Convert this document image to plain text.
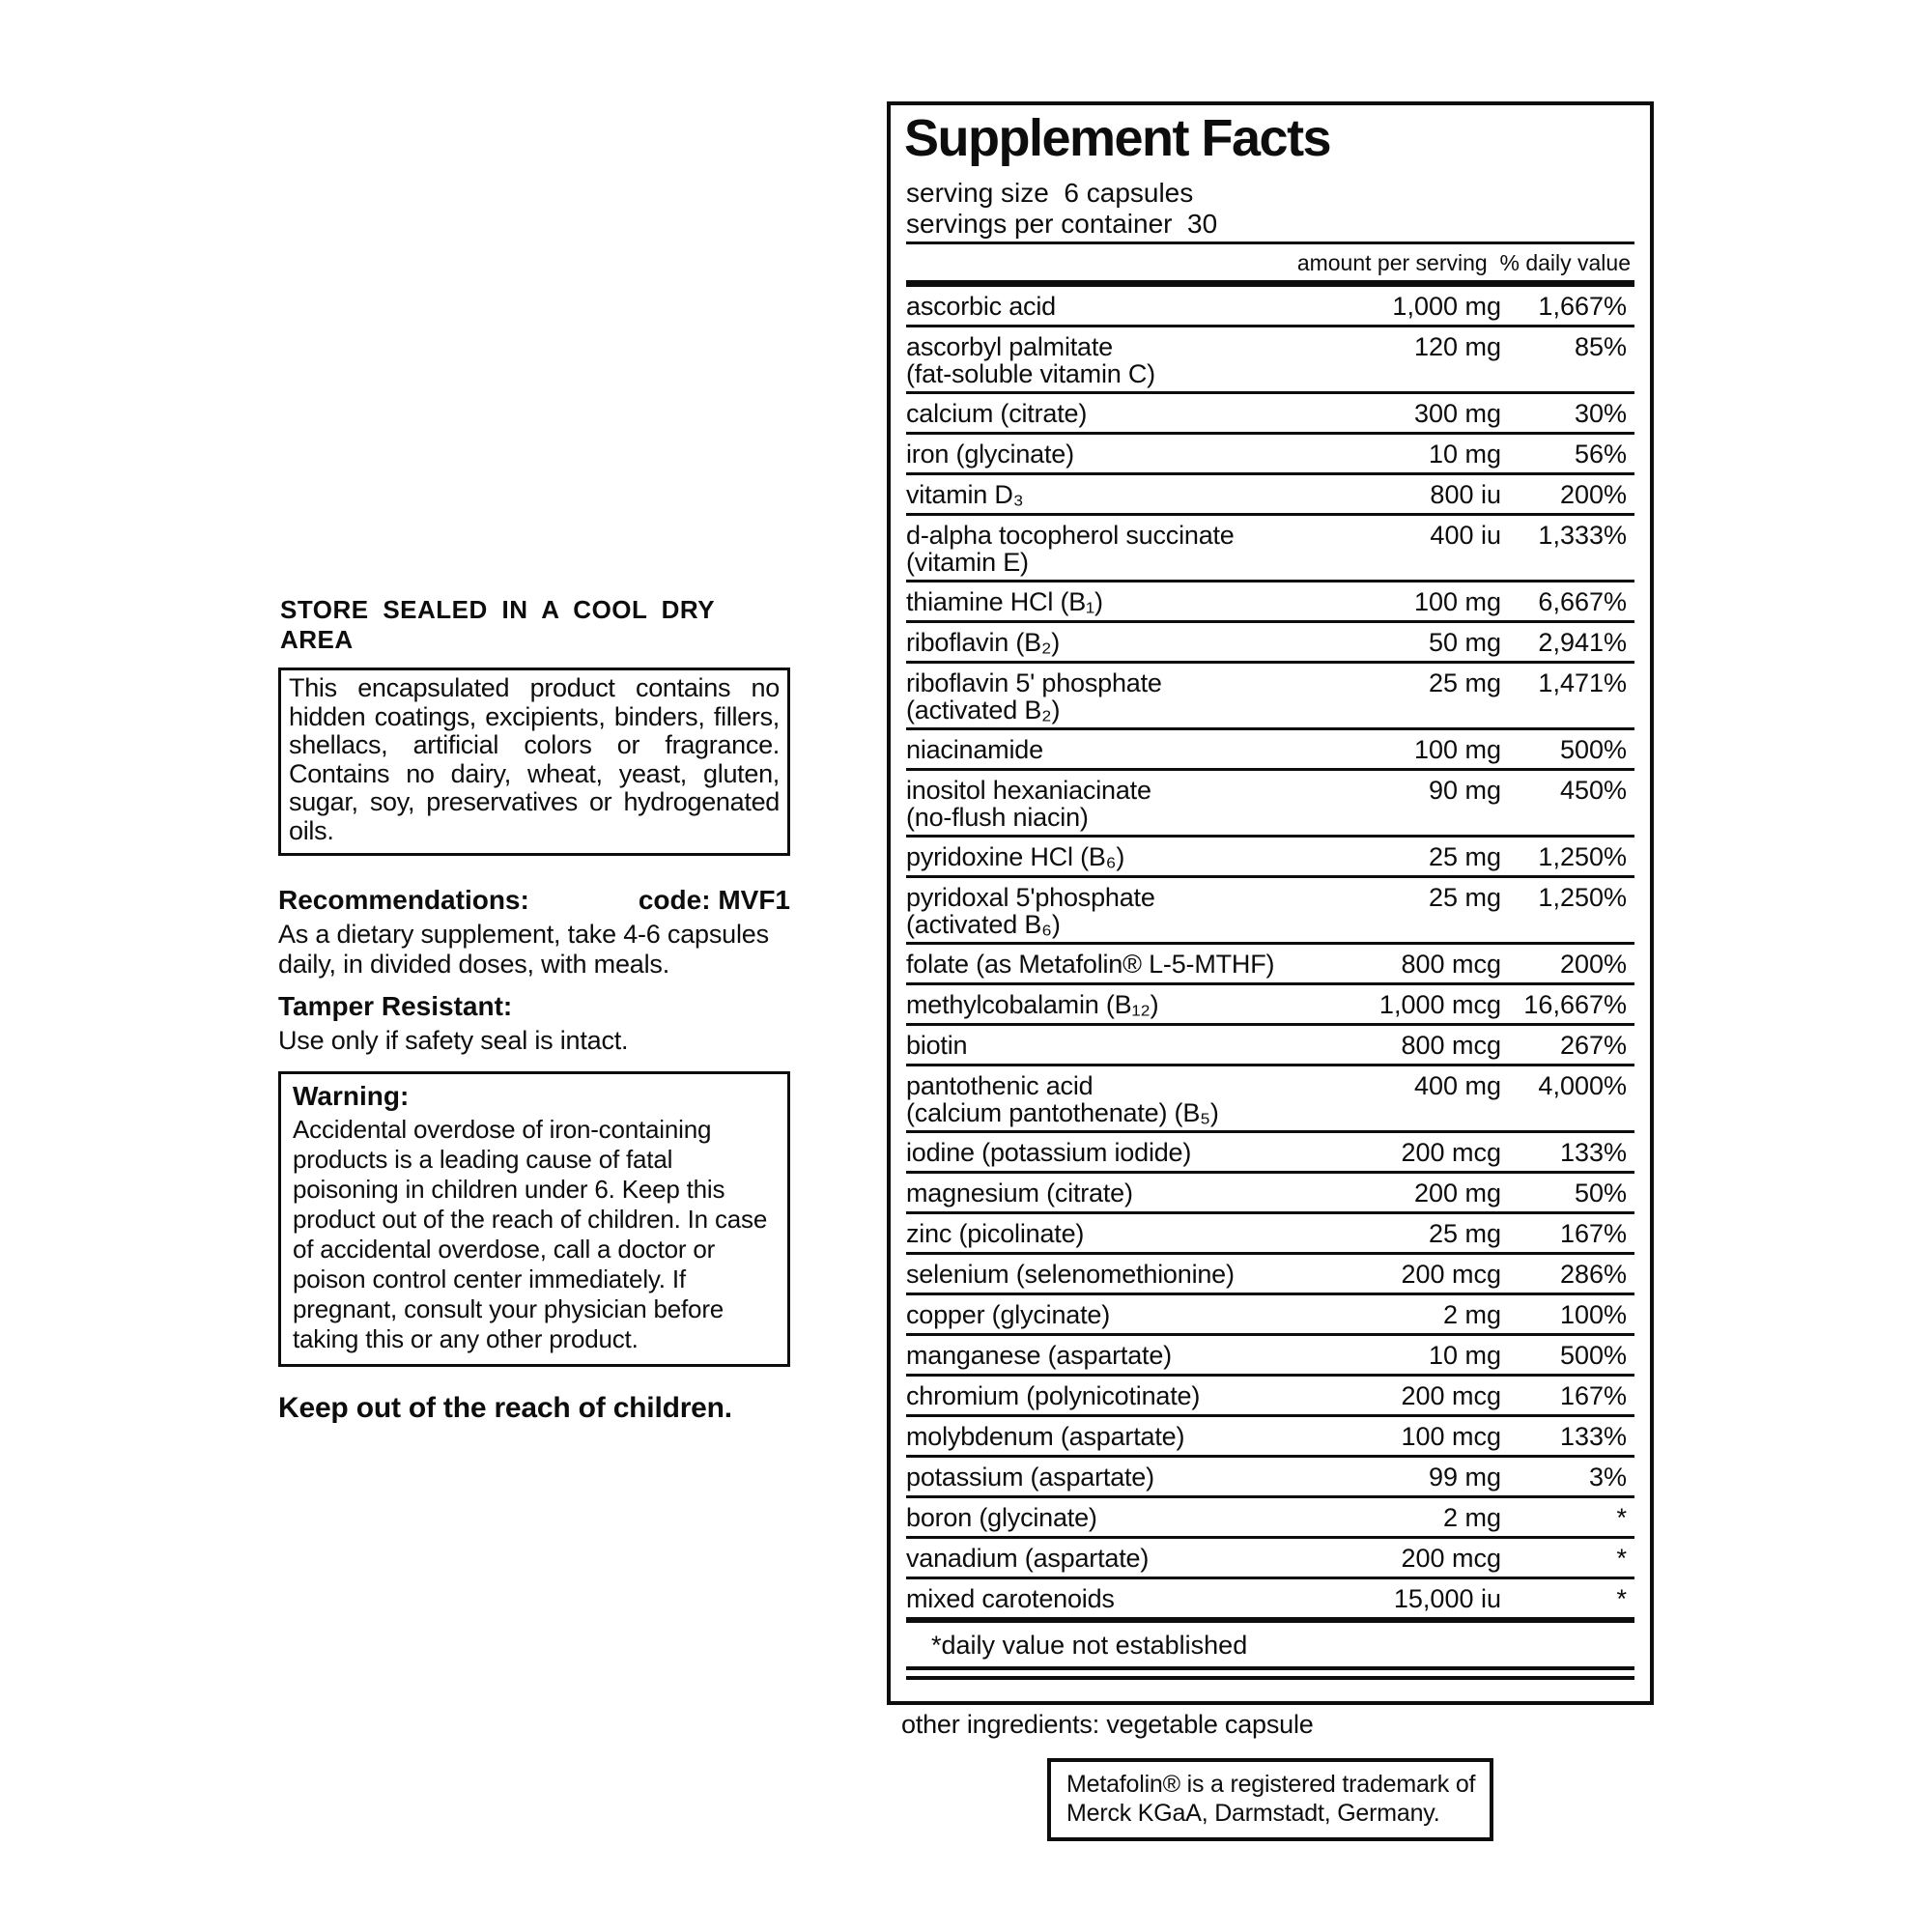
STORE SEALED IN A COOL DRY AREA

This encapsulated product contains no hidden coatings, excipients, binders, fillers, shellacs, artificial colors or fragrance. Contains no dairy, wheat, yeast, gluten, sugar, soy, preservatives or hydrogenated oils.

Recommendations:	code: MVF1

As a dietary supplement, take 4-6 capsules daily, in divided doses, with meals.

Tamper Resistant:

Use only if safety seal is intact.

Warning:

Accidental overdose of iron-containing products is a leading cause of fatal poisoning in children under 6. Keep this product out of the reach of children. In case of accidental overdose, call a doctor or poison control center immediately. If pregnant, consult your physician before taking this or any other product.

Keep out of the reach of children.
Supplement Facts
serving size  6 capsules
servings per container  30
amount per serving  % daily value
ascorbic acid	1,000 mg	1,667%
ascorbyl palmitate	120 mg	85%
(fat-soluble vitamin C)
calcium (citrate)	300 mg	30%
iron (glycinate)	10 mg	56%
vitamin D₃	800 iu	200%
d-alpha tocopherol succinate	400 iu	1,333%
(vitamin E)
thiamine HCl (B₁)	100 mg	6,667%
riboflavin (B₂)	50 mg	2,941%
riboflavin 5' phosphate	25 mg	1,471%
(activated B₂)
niacinamide	100 mg	500%
inositol hexaniacinate	90 mg	450%
(no-flush niacin)
pyridoxine HCl (B₆)	25 mg	1,250%
pyridoxal 5'phosphate	25 mg	1,250%
(activated B₆)
folate (as Metafolin® L-5-MTHF)	800 mcg	200%
methylcobalamin (B₁₂)	1,000 mcg 16,667%
biotin	800 mcg	267%
pantothenic acid	400 mg	4,000%
(calcium pantothenate) (B₅)
iodine (potassium iodide)	200 mcg	133%
magnesium (citrate)	200 mg	50%
zinc (picolinate)	25 mg	167%
selenium (selenomethionine)	200 mcg	286%
copper (glycinate)	2 mg	100%
manganese (aspartate)	10 mg	500%
chromium (polynicotinate)	200 mcg	167%
molybdenum (aspartate)	100 mcg	133%
potassium (aspartate)	99 mg	3%
boron (glycinate)	2 mg	*
vanadium (aspartate)	200 mcg	*
mixed carotenoids	15,000 iu	*
*daily value not established
other ingredients: vegetable capsule

Metafolin® is a registered trademark of Merck KGaA, Darmstadt, Germany.
